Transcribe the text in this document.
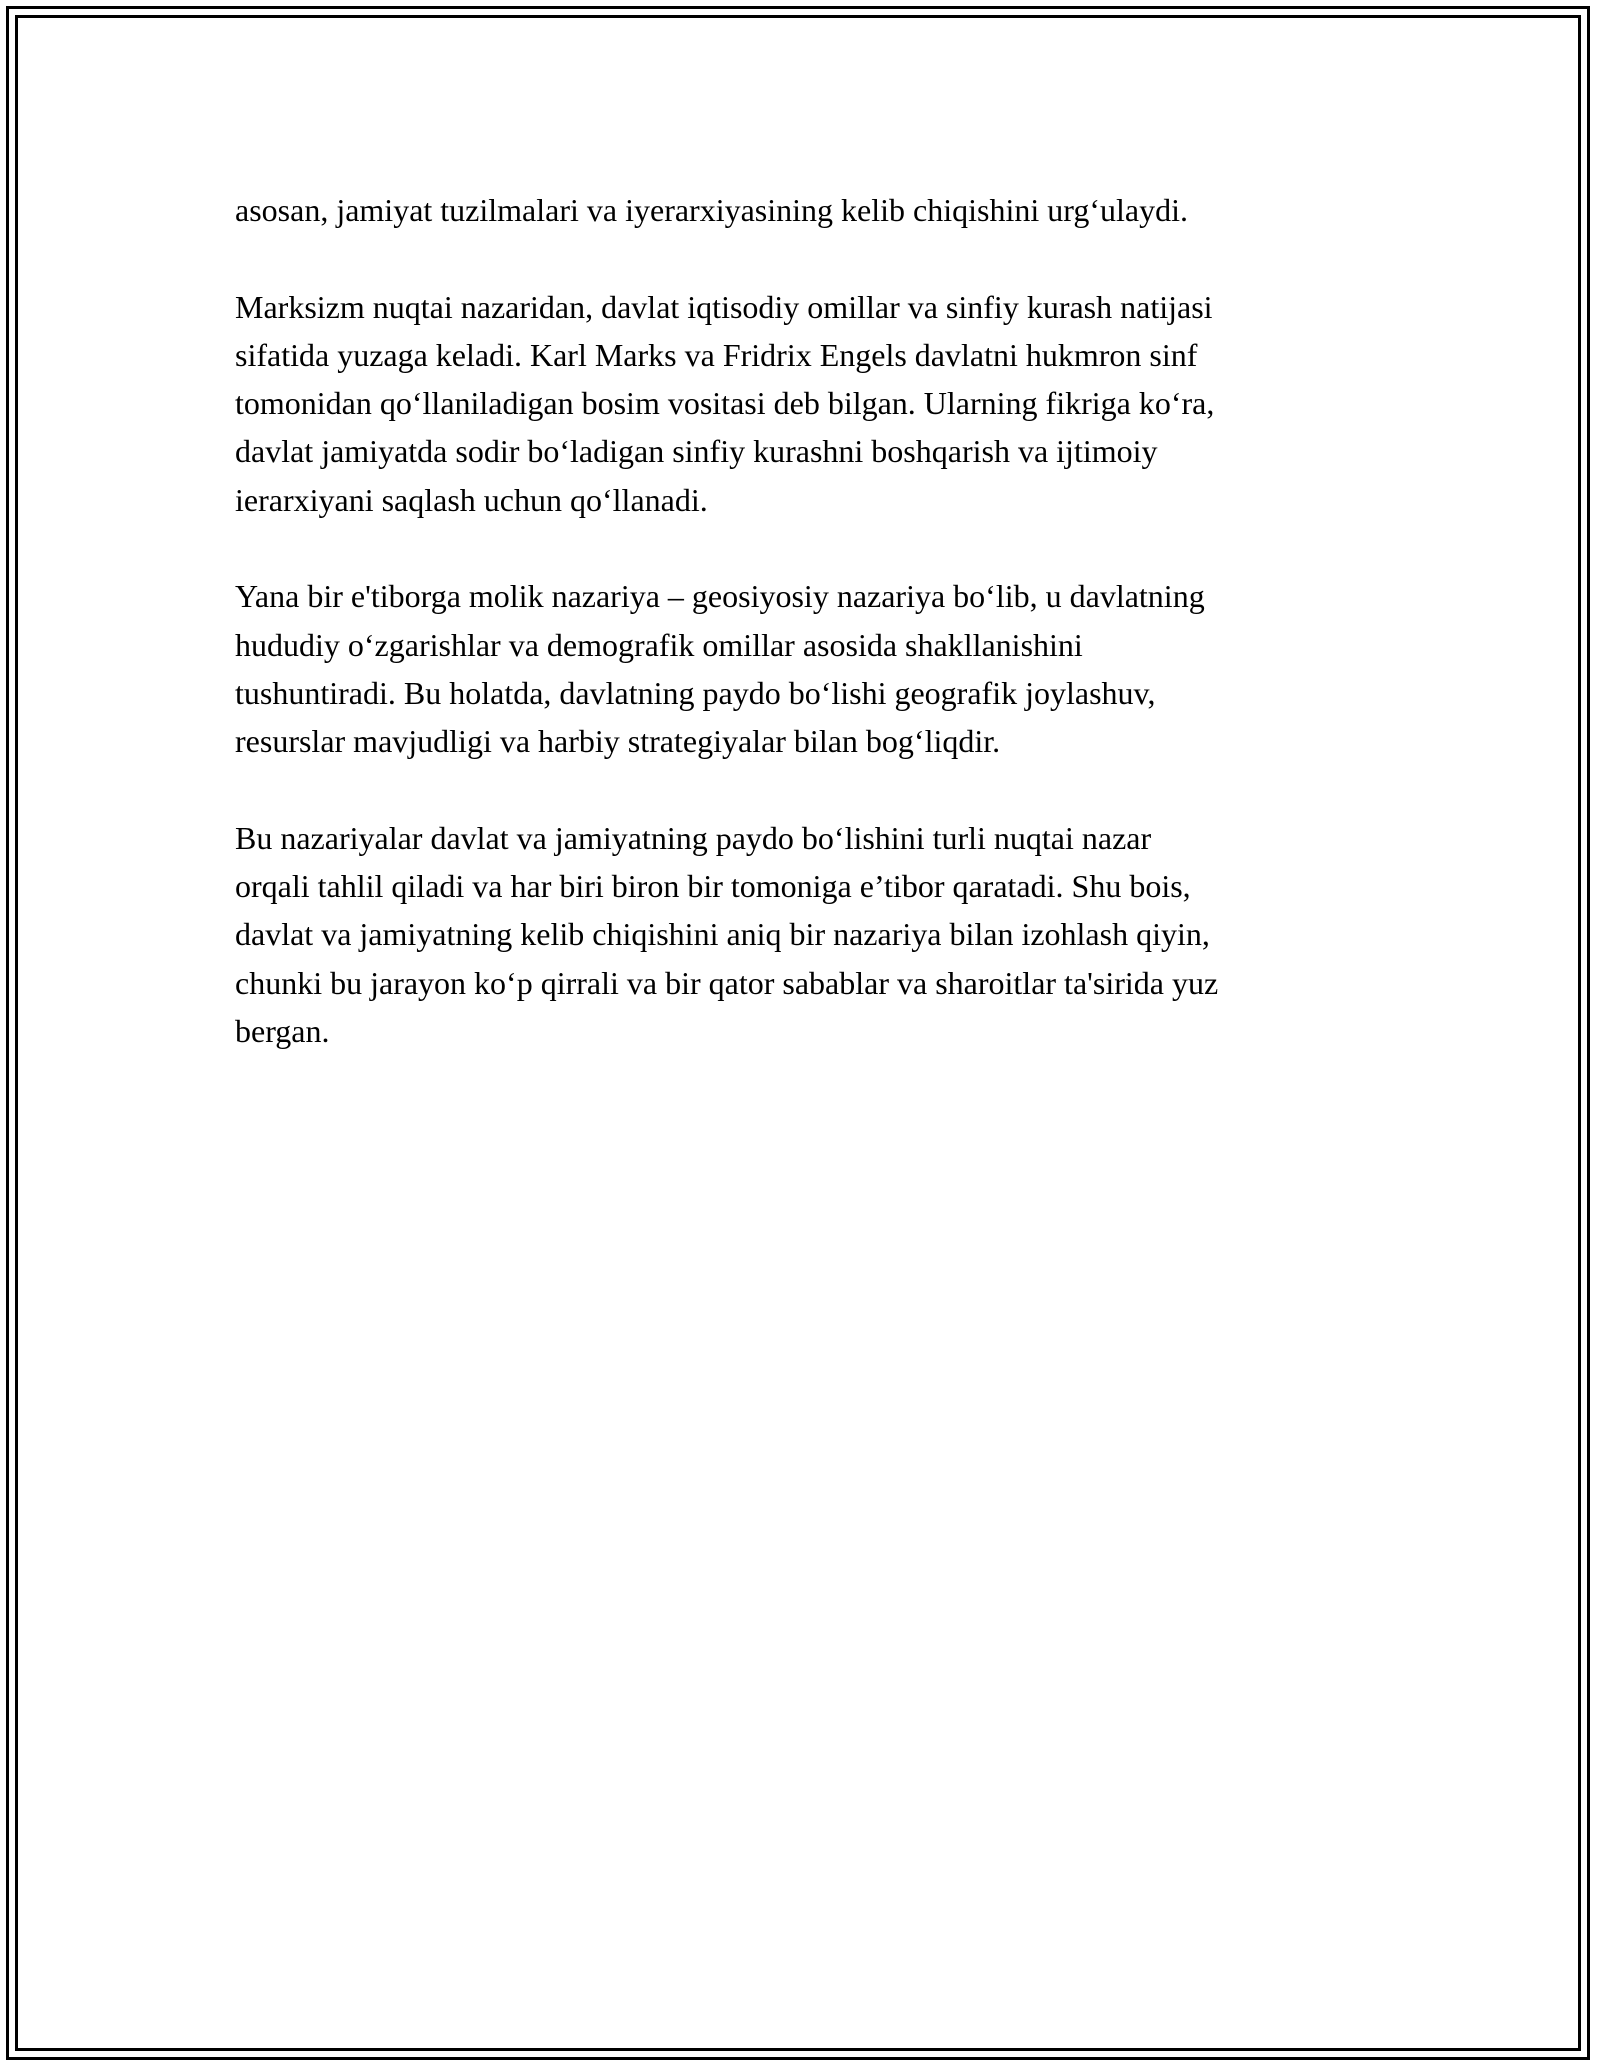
asosan, jamiyat tuzilmalari va iyerarxiyasining kelib chiqishini urg‘ulaydi.

Marksizm nuqtai nazaridan, davlat iqtisodiy omillar va sinfiy kurash natijasi
sifatida yuzaga keladi. Karl Marks va Fridrix Engels davlatni hukmron sinf
tomonidan qo‘llaniladigan bosim vositasi deb bilgan. Ularning fikriga ko‘ra,
davlat jamiyatda sodir bo‘ladigan sinfiy kurashni boshqarish va ijtimoiy
ierarxiyani saqlash uchun qo‘llanadi.

Yana bir e'tiborga molik nazariya – geosiyosiy nazariya bo‘lib, u davlatning
hududiy o‘zgarishlar va demografik omillar asosida shakllanishini
tushuntiradi. Bu holatda, davlatning paydo bo‘lishi geografik joylashuv,
resurslar mavjudligi va harbiy strategiyalar bilan bog‘liqdir.

Bu nazariyalar davlat va jamiyatning paydo bo‘lishini turli nuqtai nazar
orqali tahlil qiladi va har biri biron bir tomoniga e’tibor qaratadi. Shu bois,
davlat va jamiyatning kelib chiqishini aniq bir nazariya bilan izohlash qiyin,
chunki bu jarayon ko‘p qirrali va bir qator sabablar va sharoitlar ta'sirida yuz
bergan.
